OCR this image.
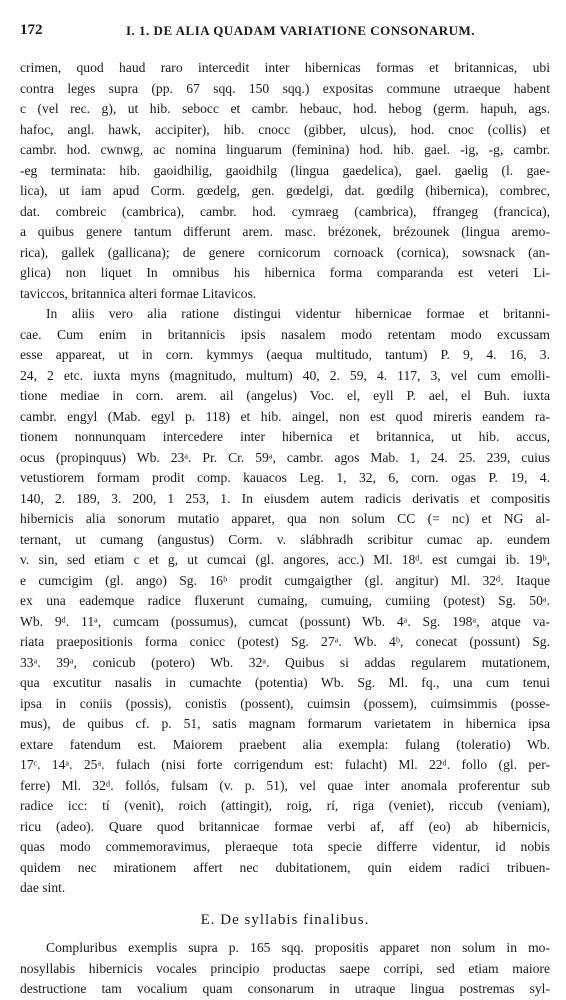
172	I. 1. DE ALIA QUADAM VARIATIONE CONSONARUM.

crimen, quod haud raro intercedit inter hibernicas formas et britannicas, ubi
contra leges supra (pp. 67 sqq. 150 sqq.) expositas commune utraeque habent
c (vel rec. g), ut hib. sebocc et cambr. hebauc, hod. hebog (germ. hapuh, ags.
hafoc, angl. hawk, accipiter), hib. cnocc (gibber, ulcus), hod. cnoc (collis) et
cambr. hod. cwnwg, ac nomina linguarum (feminina) hod. hib. gael. -ig, -g, cambr.
-eg terminata: hib. gaoidhilig, gaoidhilg (lingua gaedelica), gael. gaelig (l. gae-
lica), ut iam apud Corm. gœdelg, gen. gœdelgi, dat. gœdilg (hibernica), combrec,
dat. combreic (cambrica), cambr. hod. cymraeg (cambrica), ffrangeg (francica),
a quibus genere tantum differunt arem. masc. brézonek, brézounek (lingua aremo-
rica), gallek (gallicana); de genere cornicorum cornoack (cornica), sowsnack (an-
glica) non liquet In omnibus his hibernica forma comparanda est veteri Li-
taviccos, britannica alteri formae Litavicos.

In aliis vero alia ratione distingui videntur hibernicae formae et britanni-
cae. Cum enim in britannicis ipsis nasalem modo retentam modo excussam
esse appareat, ut in corn. kymmys (aequa multitudo, tantum) P. 9, 4. 16, 3.
24, 2 etc. iuxta myns (magnitudo, multum) 40, 2. 59, 4. 117, 3, vel cum emolli-
tione mediae in corn. arem. ail (angelus) Voc. el, eyll P. ael, el Buh. iuxta
cambr. engyl (Mab. egyl p. 118) et hib. aingel, non est quod mireris eandem ra-
tionem nonnunquam intercedere inter hibernica et britannica, ut hib. accus,
ocus (propinquus) Wb. 23ᵃ. Pr. Cr. 59ᵃ, cambr. agos Mab. 1, 24. 25. 239, cuius
vetustiorem formam prodit comp. kauacos Leg. 1, 32, 6, corn. ogas P. 19, 4.
140, 2. 189, 3. 200, 1 253, 1. In eiusdem autem radicis derivatis et compositis
hibernicis alia sonorum mutatio apparet, qua non solum CC (= nc) et NG al-
ternant, ut cumang (angustus) Corm. v. slábhradh scribitur cumac ap. eundem
v. sin, sed etiam c et g, ut cumcai (gl. angores, acc.) Ml. 18ᵈ. est cumgai ib. 19ᵇ,
e cumcigim (gl. ango) Sg. 16ᵇ prodit cumgaigther (gl. angitur) Ml. 32ᵈ. Itaque
ex una eademque radice fluxerunt cumaing, cumuing, cumiing (potest) Sg. 50ᵃ.
Wb. 9ᵈ. 11ᵃ, cumcam (possumus), cumcat (possunt) Wb. 4ᵃ. Sg. 198ᵃ, atque va-
riata praepositionis forma conicc (potest) Sg. 27ᵃ. Wb. 4ᵇ, conecat (possunt) Sg.
33ᵃ. 39ᵃ, conicub (potero) Wb. 32ᵃ. Quibus si addas regularem mutationem,
qua excutitur nasalis in cumachte (potentia) Wb. Sg. Ml. fq., una cum tenui
ipsa in coniis (possis), conistis (possent), cuimsin (possem), cuimsimmis (posse-
mus), de quibus cf. p. 51, satis magnam formarum varietatem in hibernica ipsa
extare fatendum est. Maiorem praebent alia exempla: fulang (toleratio) Wb.
17ᶜ. 14ᵃ. 25ᵃ. fulach (nisi forte corrigendum est: fulacht) Ml. 22ᵈ. follo (gl. per-
ferre) Ml. 32ᵈ. follós, fulsam (v. p. 51), vel quae inter anomala proferentur sub
radice icc: tí (venit), roich (attingit), roig, rí, riga (veniet), riccub (veniam),
ricu (adeo). Quare quod britannicae formae verbi af, aff (eo) ab hibernicis,
quas modo commemoravimus, pleraeque tota specie differre videntur, id nobis
quidem nec mirationem affert nec dubitationem, quin eidem radici tribuen-
dae sint.

E. De syllabis finalibus.

Compluribus exemplis supra p. 165 sqq. propositis apparet non solum in mo-
nosyllabis hibernicis vocales principio productas saepe corripi, sed etiam maiore
destructione tam vocalium quam consonarum in utraque lingua postremas syl-
